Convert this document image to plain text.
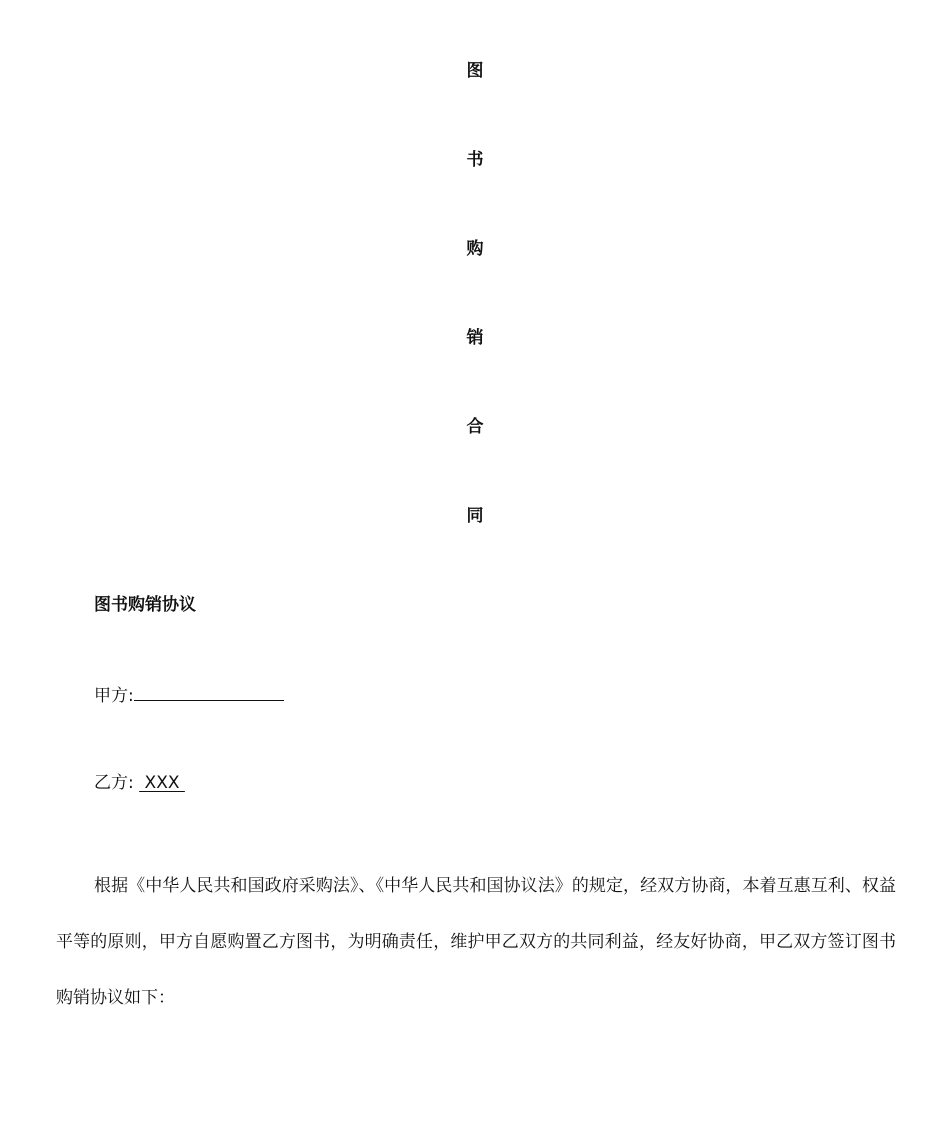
图
书
购
销
合
同
图书购销协议
甲方:
乙方:  XXX

根据《中华人民共和国政府采购法》、《中华人民共和国协议法》的规定，经双方协商，本着互惠互利、权益平等的原则，甲方自愿购置乙方图书，为明确责任，维护甲乙双方的共同利益，经友好协商，甲乙双方签订图书购销协议如下：
